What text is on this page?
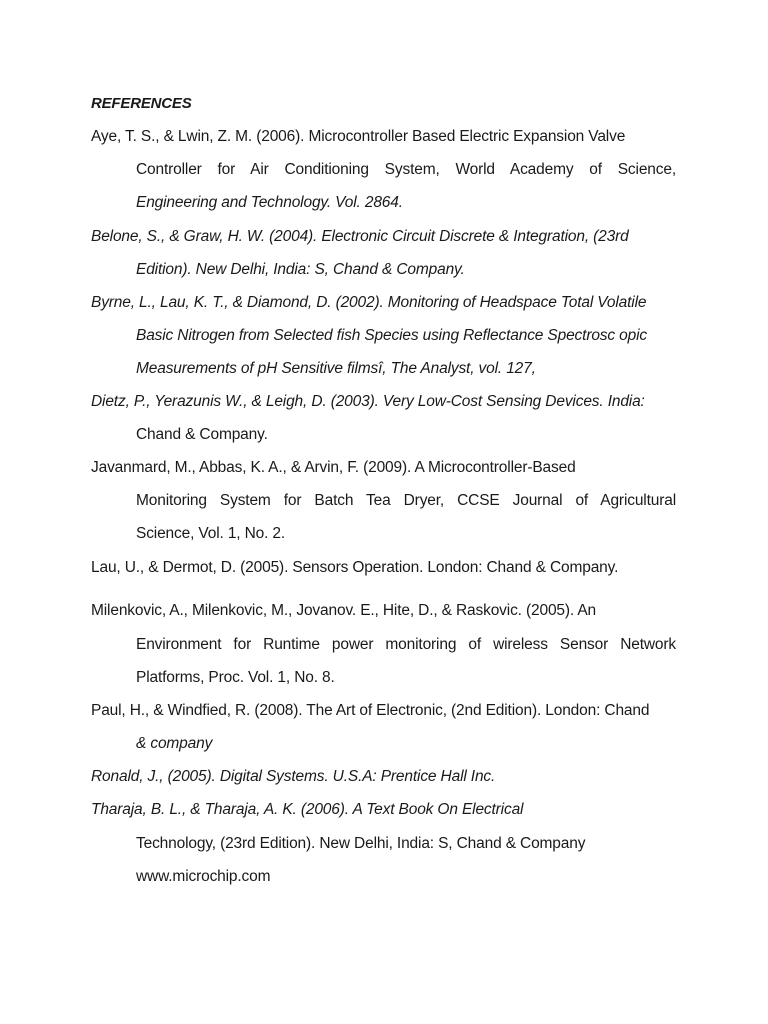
REFERENCES
Aye, T. S., & Lwin, Z. M. (2006). Microcontroller Based Electric Expansion Valve
Controller for Air Conditioning System, World Academy of Science,
Engineering and Technology. Vol. 2864.
Belone, S., & Graw, H. W. (2004). Electronic Circuit Discrete & Integration, (23rd
Edition). New Delhi, India: S, Chand & Company.
Byrne, L., Lau, K. T., & Diamond, D. (2002). Monitoring of Headspace Total Volatile
Basic Nitrogen from Selected fish Species using Reflectance Spectrosc opic
Measurements of pH Sensitive filmsî, The Analyst, vol. 127,
Dietz, P., Yerazunis W., & Leigh, D. (2003). Very Low-Cost Sensing Devices. India:
Chand & Company.
Javanmard, M., Abbas, K. A., & Arvin, F. (2009). A Microcontroller-Based
Monitoring System for Batch Tea Dryer, CCSE Journal of Agricultural
Science, Vol. 1, No. 2.
Lau, U., & Dermot, D. (2005). Sensors Operation. London: Chand & Company.
Milenkovic, A., Milenkovic, M., Jovanov. E., Hite, D., & Raskovic. (2005). An
Environment for Runtime power monitoring of wireless Sensor Network
Platforms, Proc. Vol. 1, No. 8.
Paul, H., & Windfied, R. (2008). The Art of Electronic, (2nd Edition). London: Chand
& company
Ronald, J., (2005). Digital Systems. U.S.A: Prentice Hall Inc.
Tharaja, B. L., & Tharaja, A. K. (2006). A Text Book On Electrical
Technology, (23rd Edition). New Delhi, India: S, Chand & Company
www.microchip.com
